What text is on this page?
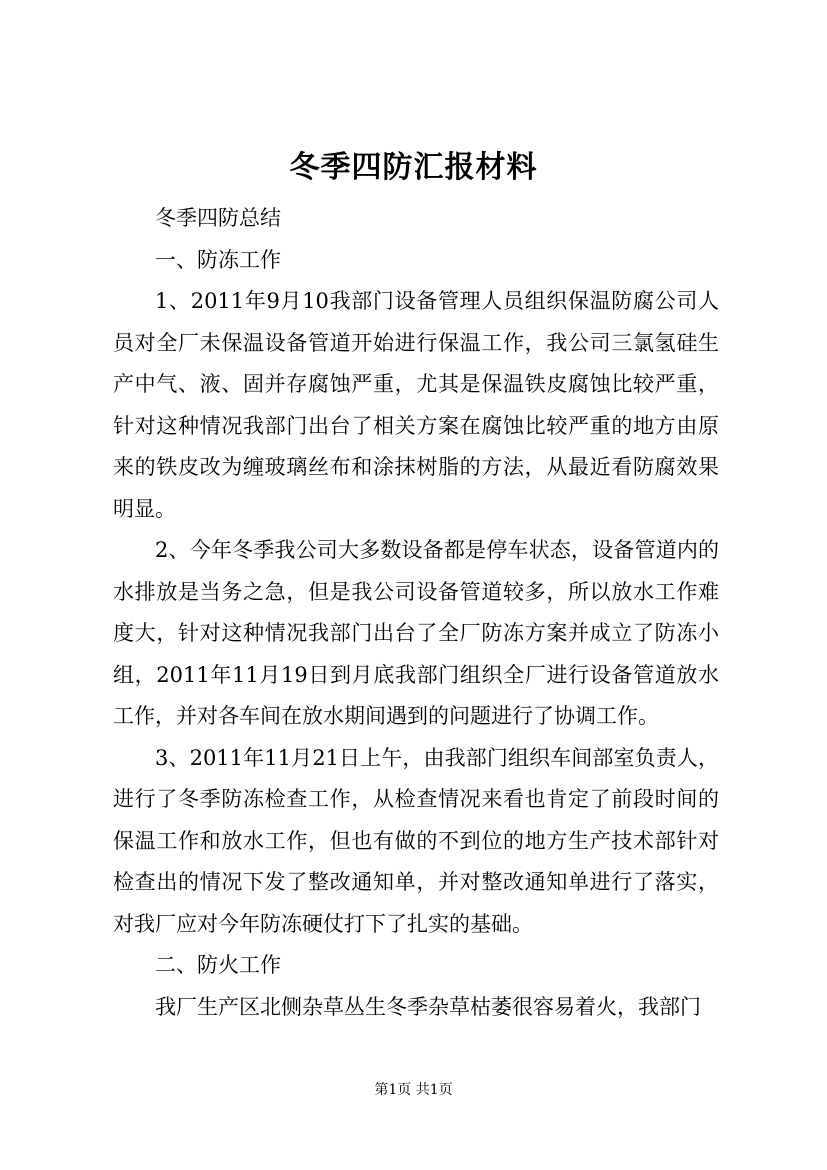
冬季四防汇报材料

冬季四防总结

一、防冻工作

1、2011年9月10我部门设备管理人员组织保温防腐公司人员对全厂未保温设备管道开始进行保温工作，我公司三氯氢硅生产中气、液、固并存腐蚀严重，尤其是保温铁皮腐蚀比较严重，针对这种情况我部门出台了相关方案在腐蚀比较严重的地方由原来的铁皮改为缠玻璃丝布和涂抹树脂的方法，从最近看防腐效果明显。

2、今年冬季我公司大多数设备都是停车状态，设备管道内的水排放是当务之急，但是我公司设备管道较多，所以放水工作难度大，针对这种情况我部门出台了全厂防冻方案并成立了防冻小组，2011年11月19日到月底我部门组织全厂进行设备管道放水工作，并对各车间在放水期间遇到的问题进行了协调工作。

3、2011年11月21日上午，由我部门组织车间部室负责人，进行了冬季防冻检查工作，从检查情况来看也肯定了前段时间的保温工作和放水工作，但也有做的不到位的地方生产技术部针对检查出的情况下发了整改通知单，并对整改通知单进行了落实，对我厂应对今年防冻硬仗打下了扎实的基础。

二、防火工作

我厂生产区北侧杂草丛生冬季杂草枯萎很容易着火，我部门

第1页 共1页
